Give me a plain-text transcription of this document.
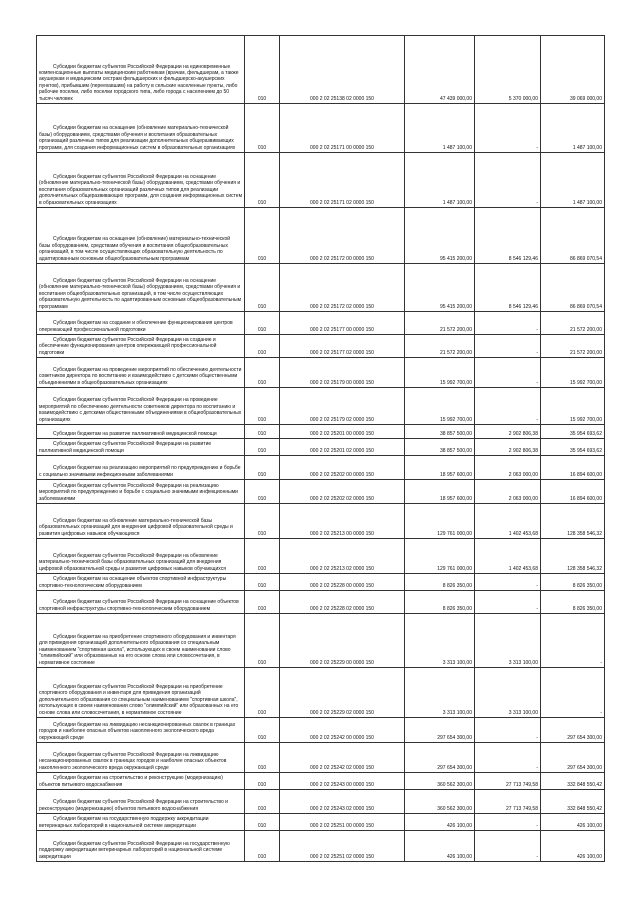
Субсидии бюджетам субъектов Российской Федерации на единовременные компенсационные выплаты медицинским работникам (врачам, фельдшерам, а также акушеркам и медицинским сестрам фельдшерских и фельдшерско-акушерских пунктов), прибывшим (переехавшим) на работу в сельские населенные пункты, либо рабочие поселки, либо поселки городского типа, либо города с населением до 50 тысяч человек	010	000 2 02 25138 02 0000 150	47 439 000,00	5 370 000,00	39 069 000,00
Субсидии бюджетам на оснащение (обновление материально-технической базы) оборудованием, средствами обучения и воспитания образовательных организаций различных типов для реализации дополнительных общеразвивающих программ, для создания информационных систем в образовательных организациях	010	000 2 02 25171 00 0000 150	1 487 100,00	-	1 487 100,00
Субсидии бюджетам субъектов Российской Федерации на оснащение (обновление материально-технической базы) оборудованием, средствами обучения и воспитания образовательных организаций различных типов для реализации дополнительных общеразвивающих программ, для создания информационных систем в образовательных организациях	010	000 2 02 25171 02 0000 150	1 487 100,00	-	1 487 100,00
Субсидии бюджетам на оснащение (обновление) материально-технической базы оборудованием, средствами обучения и воспитания общеобразовательных организаций, в том числе осуществляющих образовательную деятельность по адаптированным основным общеобразовательным программам	010	000 2 02 25172 00 0000 150	95 415 200,00	8 546 129,46	86 869 070,54
Субсидии бюджетам субъектов Российской Федерации на оснащение (обновление материально-технической базы) оборудованием, средствами обучения и воспитания общеобразовательных организаций, в том числе осуществляющих образовательную деятельность по адаптированным основным общеобразовательным программам	010	000 2 02 25172 02 0000 150	95 415 200,00	8 546 129,46	86 869 070,54
Субсидии бюджетам на создание и обеспечение функционирования центров опережающей профессиональной подготовки	010	000 2 02 25177 00 0000 150	21 572 200,00	-	21 572 200,00
Субсидии бюджетам субъектов Российской Федерации на создание и обеспечение функционирования центров опережающей профессиональной подготовки	010	000 2 02 25177 02 0000 150	21 572 200,00	-	21 572 200,00
Субсидии бюджетам на проведение мероприятий по обеспечению деятельности советников директора по воспитанию и взаимодействию с детскими общественными объединениями в общеобразовательных организациях	010	000 2 02 25179 00 0000 150	15 992 700,00	-	15 992 700,00
Субсидии бюджетам субъектов Российской Федерации на проведение мероприятий по обеспечению деятельности советников директора по воспитанию и взаимодействию с детскими общественными объединениями в общеобразовательных организациях	010	000 2 02 25179 02 0000 150	15 992 700,00	-	15 992 700,00
Субсидии бюджетам на развитие паллиативной медицинской помощи	010	000 2 02 25201 00 0000 150	38 857 500,00	2 902 806,38	35 954 693,62
Субсидии бюджетам субъектов Российской Федерации на развитие паллиативной медицинской помощи	010	000 2 02 25201 02 0000 150	38 857 500,00	2 902 806,38	35 954 693,62
Субсидии бюджетам на реализацию мероприятий по предупреждению и борьбе с социально значимыми инфекционными заболеваниями	010	000 2 02 25202 00 0000 150	18 957 600,00	2 063 000,00	16 894 600,00
Субсидии бюджетам субъектов Российской Федерации на реализацию мероприятий по предупреждению и борьбе с социально значимыми инфекционными заболеваниями	010	000 2 02 25202 02 0000 150	18 957 600,00	2 063 000,00	16 894 600,00
Субсидии бюджетам на обновление материально-технической базы образовательных организаций для внедрения цифровой образовательной среды и развития цифровых навыков обучающихся	010	000 2 02 25213 00 0000 150	129 761 000,00	1 402 453,68	128 358 546,32
Субсидии бюджетам субъектов Российской Федерации на обновление материально-технической базы образовательных организаций для внедрения цифровой образовательной среды и развития цифровых навыков обучающихся	010	000 2 02 25213 02 0000 150	129 761 000,00	1 402 453,68	128 358 546,32
Субсидии бюджетам на оснащение объектов спортивной инфраструктуры спортивно-технологическим оборудованием	010	000 2 02 25228 00 0000 150	8 826 350,00	-	8 826 350,00
Субсидии бюджетам субъектов Российской Федерации на оснащение объектов спортивной инфраструктуры спортивно-технологическим оборудованием	010	000 2 02 25228 02 0000 150	8 826 350,00	-	8 826 350,00
Субсидии бюджетам на приобретение спортивного оборудования и инвентаря для приведения организаций дополнительного образования со специальным наименованием "спортивная школа", использующих в своем наименовании слово "олимпийский" или образованных на его основе слова или словосочетания, в нормативное состояние	010	000 2 02 25229 00 0000 150	3 313 100,00	3 313 100,00	-
Субсидии бюджетам субъектов Российской Федерации на приобретение спортивного оборудования и инвентаря для приведения организаций дополнительного образования со специальным наименованием "спортивная школа", использующих в своем наименовании слово "олимпийский" или образованных на его основе слова или словосочетания, в нормативное состояние	010	000 2 02 25229 02 0000 150	3 313 100,00	3 313 100,00	-
Субсидии бюджетам на ликвидацию несанкционированных свалок в границах городов и наиболее опасных объектов накопленного экологического вреда окружающей среде	010	000 2 02 25242 00 0000 150	297 654 300,00	-	297 654 300,00
Субсидии бюджетам субъектов Российской Федерации на ликвидацию несанкционированных свалок в границах городов и наиболее опасных объектов накопленного экологического вреда окружающей среде	010	000 2 02 25242 02 0000 150	297 654 300,00	-	297 654 300,00
Субсидии бюджетам на строительство и реконструкцию (модернизацию) объектов питьевого водоснабжения	010	000 2 02 25243 00 0000 150	360 562 300,00	27 713 749,58	332 848 550,42
Субсидии бюджетам субъектов Российской Федерации на строительство и реконструкцию (модернизацию) объектов питьевого водоснабжения	010	000 2 02 25243 02 0000 150	360 562 300,00	27 713 749,58	332 848 550,42
Субсидии бюджетам на государственную поддержку аккредитации ветеринарных лабораторий в национальной системе аккредитации	010	000 2 02 25251 00 0000 150	426 100,00	-	426 100,00
Субсидии бюджетам субъектов Российской Федерации на государственную поддержку аккредитации ветеринарных лабораторий в национальной системе аккредитации	010	000 2 02 25251 02 0000 150	426 100,00	-	426 100,00
